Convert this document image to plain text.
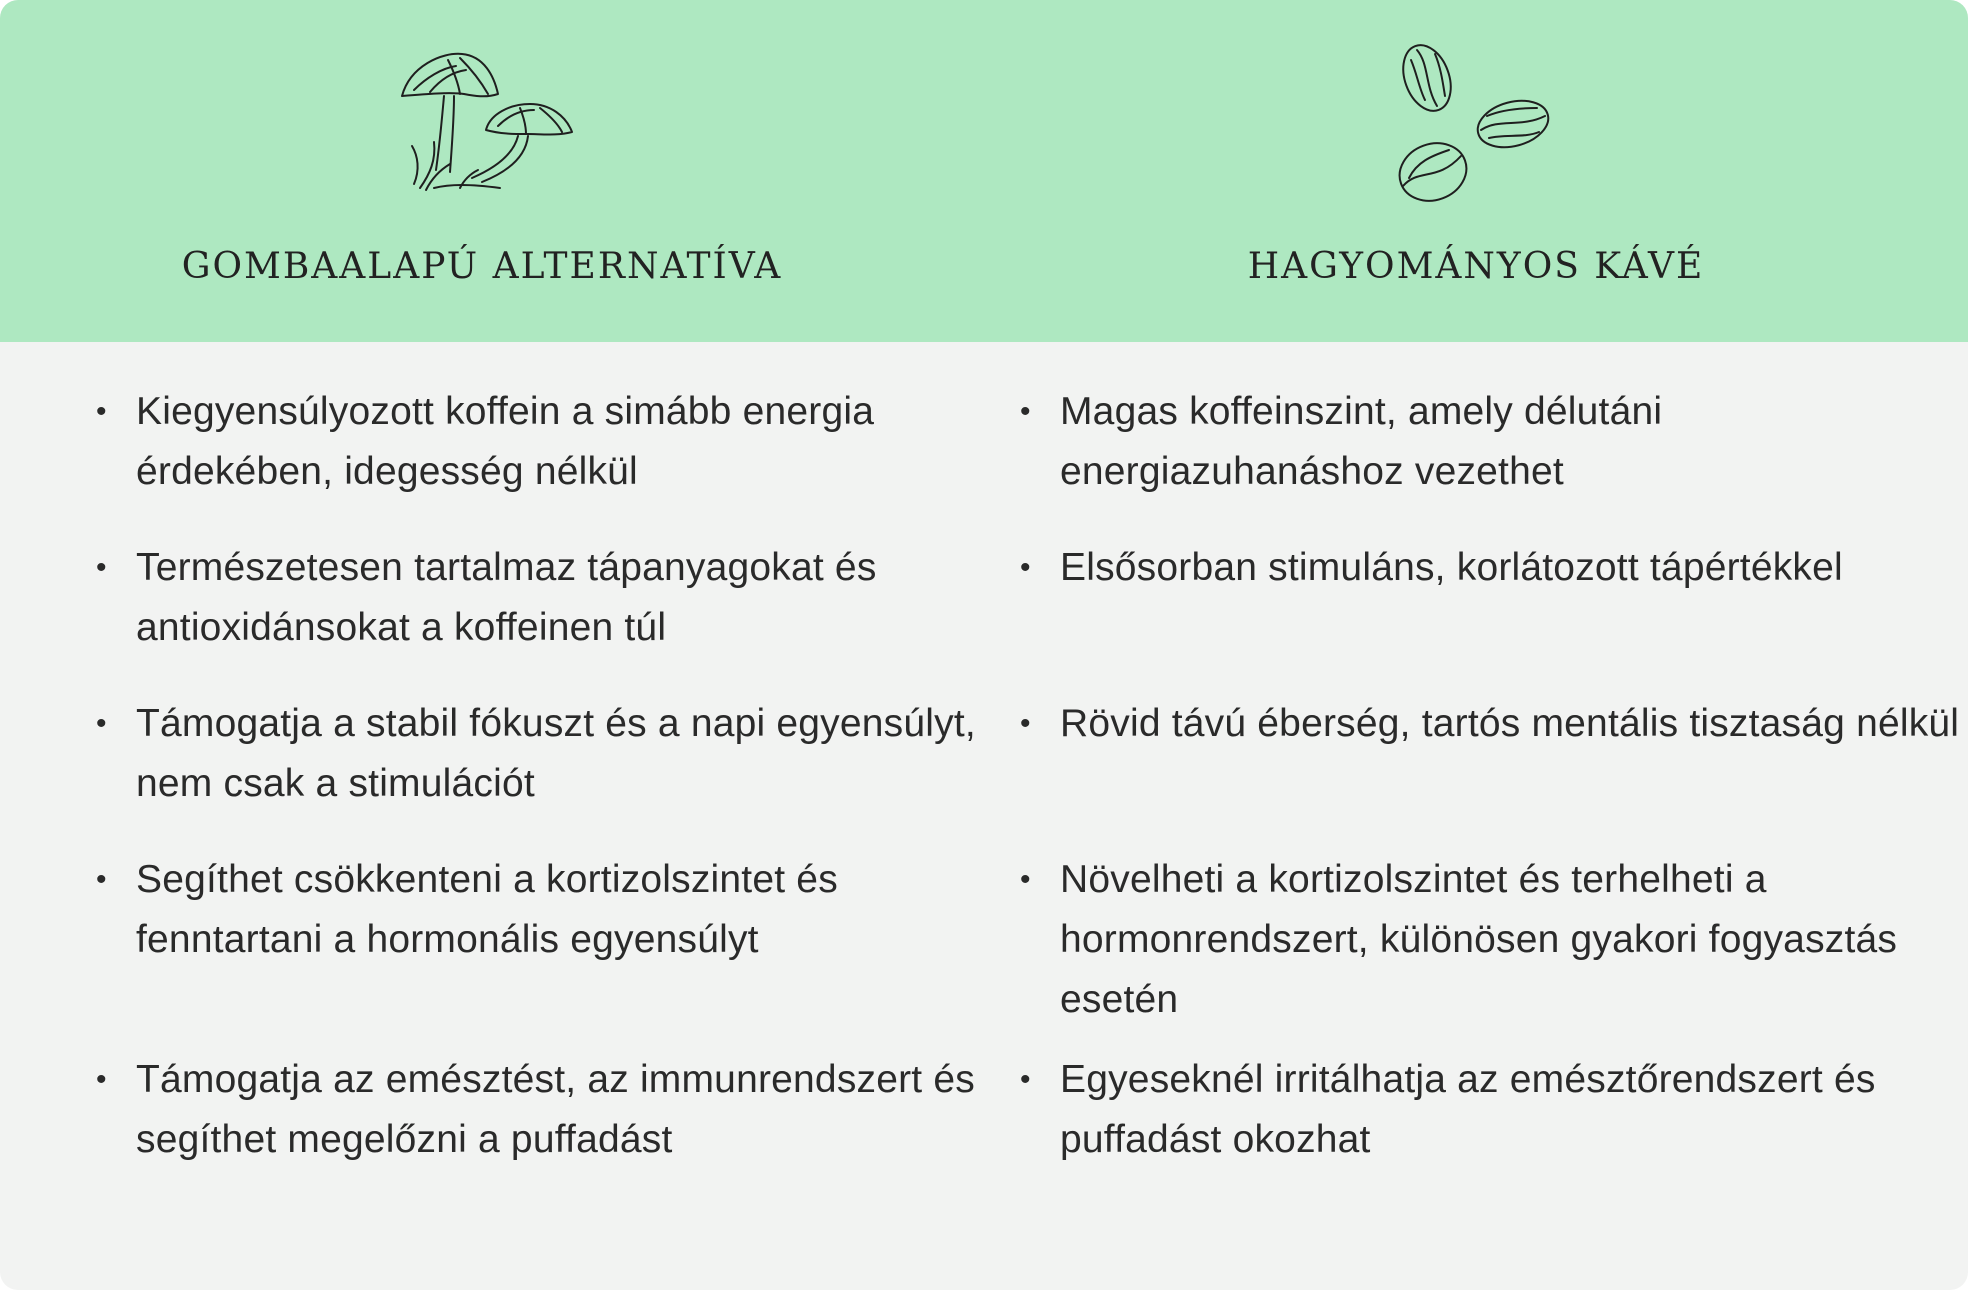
GOMBAALAPÚ ALTERNATÍVA	HAGYOMÁNYOS KÁVÉ
• Kiegyensúlyozott koffein a simább energia érdekében, idegesség nélkül
• Természetesen tartalmaz tápanyagokat és antioxidánsokat a koffeinen túl
• Támogatja a stabil fókuszt és a napi egyensúlyt, nem csak a stimulációt
• Segíthet csökkenteni a kortizolszintet és fenntartani a hormonális egyensúlyt
• Támogatja az emésztést, az immunrendszert és segíthet megelőzni a puffadást
• Magas koffeinszint, amely délutáni energiazuhanáshoz vezethet
• Elsősorban stimuláns, korlátozott tápértékkel
• Rövid távú éberség, tartós mentális tisztaság nélkül
• Növelheti a kortizolszintet és terhelheti a hormonrendszert, különösen gyakori fogyasztás esetén
• Egyeseknél irritálhatja az emésztőrendszert és puffadást okozhat
